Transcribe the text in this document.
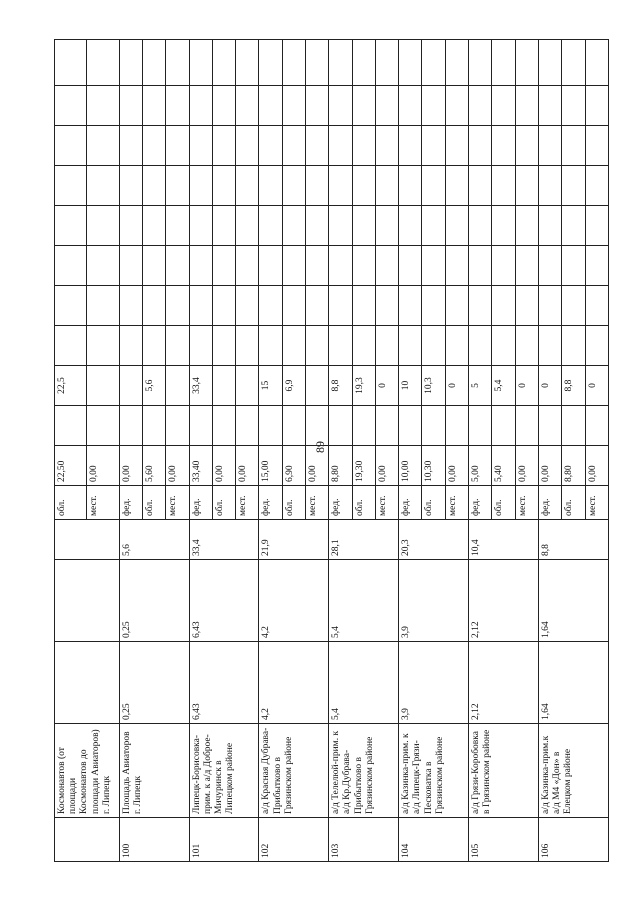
89
	Космонавтов (от площади Космонавтов до площади Авиаторов) г. Липецк				обл.	22,50		22,5								
					мест.	0,00										
100	Площадь Авиаторов г. Липецк	0,25	0,25	5,6	фед.	0,00										
					обл.	5,60		5,6								
					мест.	0,00										
101	Липецк-Борисовка-прим. к а/д Доброе-Мичуринск в Липецком районе	6,43	6,43	33,4	фед.	33,40		33,4								
					обл.	0,00										
					мест.	0,00										
102	а/д Красная Дубрава-Прибытково в Грязинском районе	4,2	4,2	21,9	фед.	15,00		15								
					обл.	6,90		6,9								
					мест.	0,00										
103	а/д Телелюй-прим. к а/д Кр.Дубрава-Прибытково в Грязинском районе	5,4	5,4	28,1	фед.	8,80		8,8								
					обл.	19,30		19,3								
					мест.	0,00		0								
104	а/д Казинка-прим. к а/д Липецк-Грязи-Песковатка в Грязинском районе	3,9	3,9	20,3	фед.	10,00		10								
					обл.	10,30		10,3								
					мест.	0,00		0								
105	а/д Грязи-Коробовка в Грязинском районе	2,12	2,12	10,4	фед.	5,00		5								
					обл.	5,40		5,4								
					мест.	0,00		0								
106	а/д Казинка-прим.к а/д М4 «Дон» в Елецком районе	1,64	1,64	8,8	фед.	0,00		0								
					обл.	8,80		8,8								
					мест.	0,00		0								
